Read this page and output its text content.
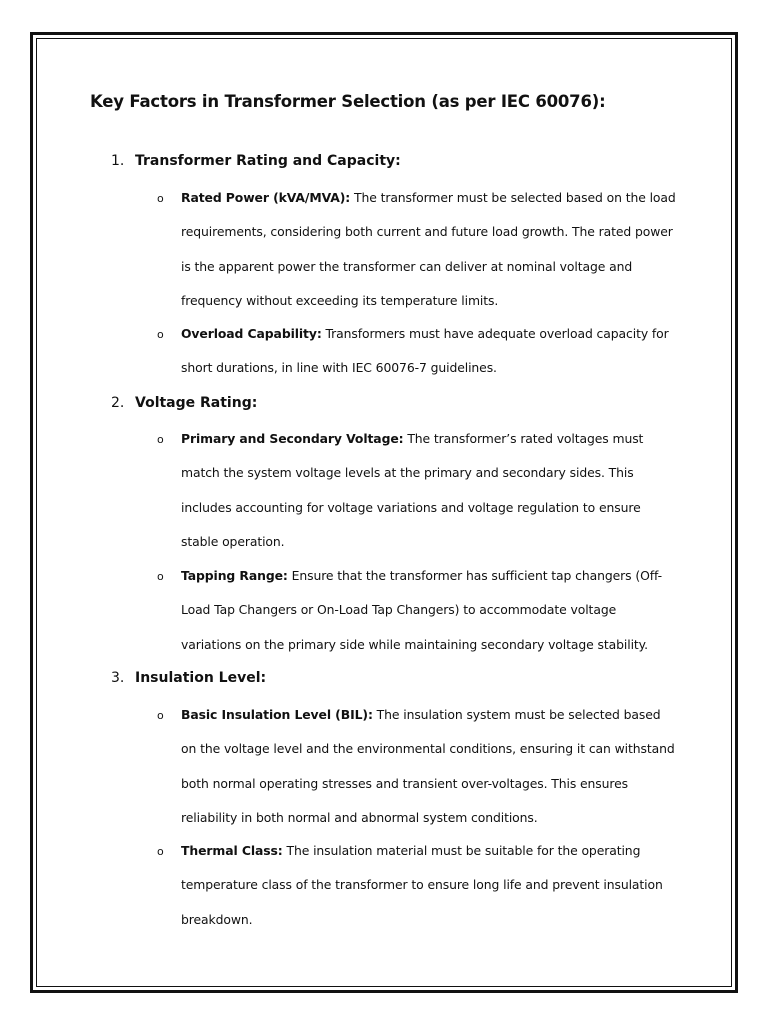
Key Factors in Transformer Selection (as per IEC 60076):

1. Transformer Rating and Capacity:

o Rated Power (kVA/MVA): The transformer must be selected based on the load requirements, considering both current and future load growth. The rated power is the apparent power the transformer can deliver at nominal voltage and frequency without exceeding its temperature limits.

o Overload Capability: Transformers must have adequate overload capacity for short durations, in line with IEC 60076-7 guidelines.

2. Voltage Rating:

o Primary and Secondary Voltage: The transformer’s rated voltages must match the system voltage levels at the primary and secondary sides. This includes accounting for voltage variations and voltage regulation to ensure stable operation.

o Tapping Range: Ensure that the transformer has sufficient tap changers (Off-Load Tap Changers or On-Load Tap Changers) to accommodate voltage variations on the primary side while maintaining secondary voltage stability.

3. Insulation Level:

o Basic Insulation Level (BIL): The insulation system must be selected based on the voltage level and the environmental conditions, ensuring it can withstand both normal operating stresses and transient over-voltages. This ensures reliability in both normal and abnormal system conditions.

o Thermal Class: The insulation material must be suitable for the operating temperature class of the transformer to ensure long life and prevent insulation breakdown.
